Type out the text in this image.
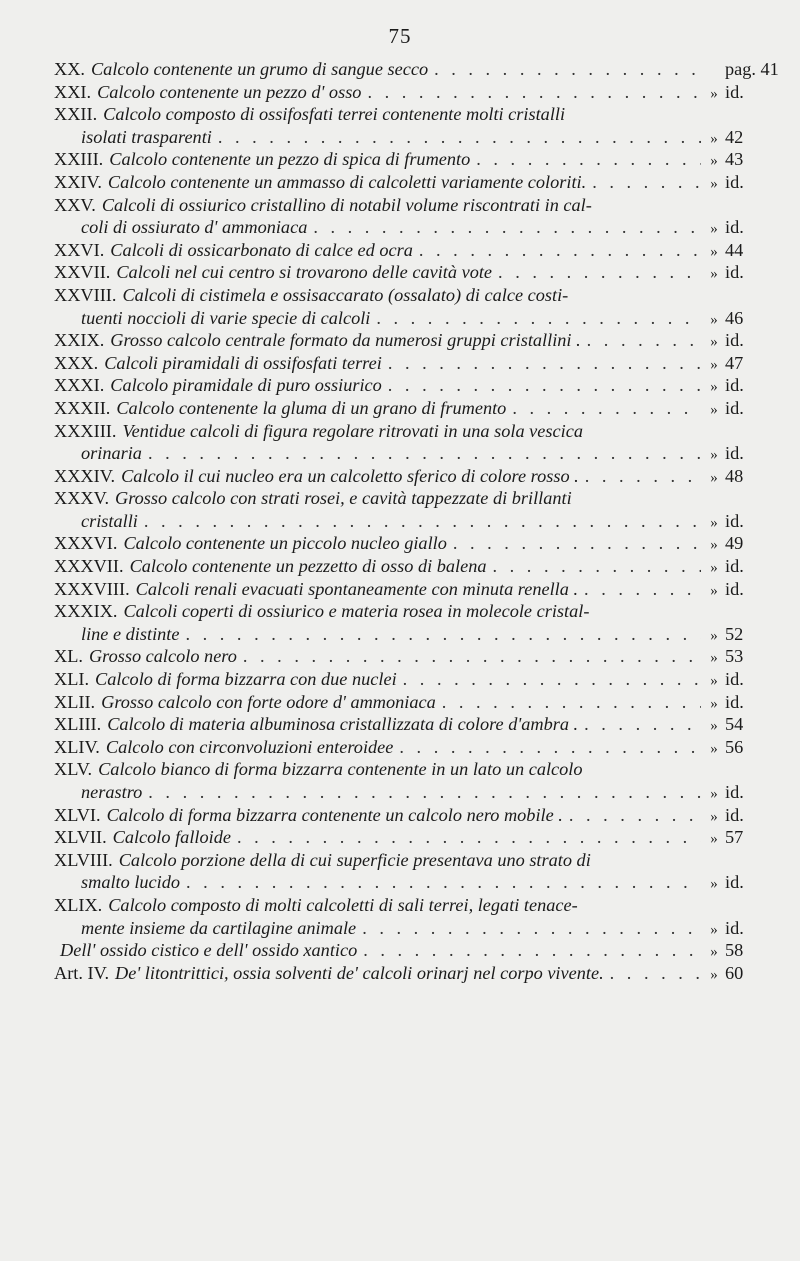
75
XX. Calcolo contenente un grumo di sangue secco . . .	pag. 41
XXI. Calcolo contenente un pezzo d' osso . . .	» id.
XXII. Calcolo composto di ossifosfati terrei contenente molti cristalli
isolati trasparenti . . .	» 42
XXIII. Calcolo contenente un pezzo di spica di frumento . . .	» 43
XXIV. Calcolo contenente un ammasso di calcoletti variamente coloriti. . . .	» id.
XXV. Calcoli di ossiurico cristallino di notabil volume riscontrati in cal-
coli di ossiurato d' ammoniaca . . .	» id.
XXVI. Calcoli di ossicarbonato di calce ed ocra . . .	» 44
XXVII. Calcoli nel cui centro si trovarono delle cavità vote . . .	» id.
XXVIII. Calcoli di cistimela e ossisaccarato (ossalato) di calce costi-
tuenti noccioli di varie specie di calcoli . . .	» 46
XXIX. Grosso calcolo centrale formato da numerosi gruppi cristallini . . . .	» id.
XXX. Calcoli piramidali di ossifosfati terrei . . .	» 47
XXXI. Calcolo piramidale di puro ossiurico . . .	» id.
XXXII. Calcolo contenente la gluma di un grano di frumento . . .	» id.
XXXIII. Ventidue calcoli di figura regolare ritrovati in una sola vescica
orinaria . . .	» id.
XXXIV. Calcolo il cui nucleo era un calcoletto sferico di colore rosso . . . .	» 48
XXXV. Grosso calcolo con strati rosei, e cavità tappezzate di brillanti
cristalli . . .	» id.
XXXVI. Calcolo contenente un piccolo nucleo giallo . . .	» 49
XXXVII. Calcolo contenente un pezzetto di osso di balena . . .	» id.
XXXVIII. Calcoli renali evacuati spontaneamente con minuta renella . . . .	» id.
XXXIX. Calcoli coperti di ossiurico e materia rosea in molecole cristal-
line e distinte . . .	» 52
XL. Grosso calcolo nero . . .	» 53
XLI. Calcolo di forma bizzarra con due nuclei . . .	» id.
XLII. Grosso calcolo con forte odore d' ammoniaca . . .	» id.
XLIII. Calcolo di materia albuminosa cristallizzata di colore d'ambra . . . .	» 54
XLIV. Calcolo con circonvoluzioni enteroidee . . .	» 56
XLV. Calcolo bianco di forma bizzarra contenente in un lato un calcolo
nerastro . . .	» id.
XLVI. Calcolo di forma bizzarra contenente un calcolo nero mobile . . . .	» id.
XLVII. Calcolo falloide . . .	» 57
XLVIII. Calcolo porzione della di cui superficie presentava uno strato di
smalto lucido . . .	» id.
XLIX. Calcolo composto di molti calcoletti di sali terrei, legati tenace-
mente insieme da cartilagine animale . . .	» id.
Dell' ossido cistico e dell' ossido xantico . . .	» 58
Art. IV. De' litontrittici, ossia solventi de' calcoli orinarj nel corpo vivente. . . .	» 60
